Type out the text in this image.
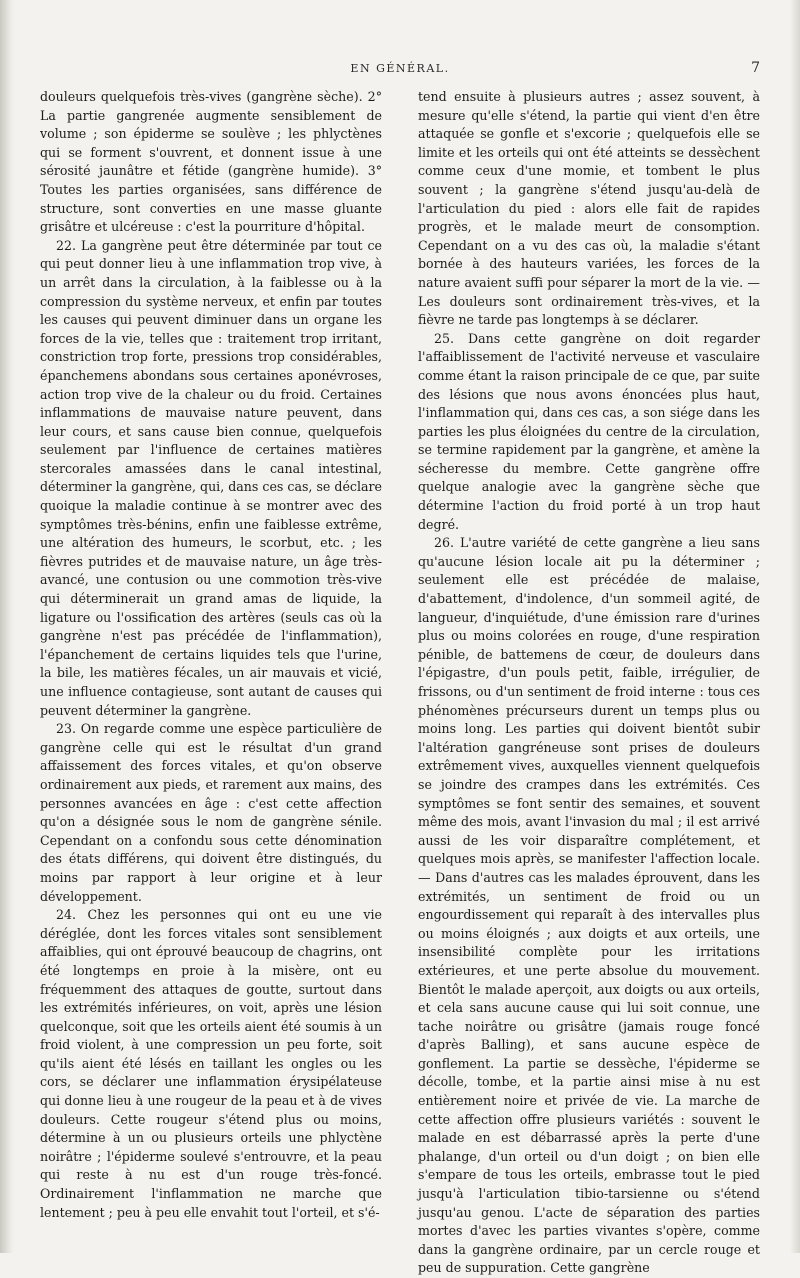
EN GÉNÉRAL.	7

douleurs quelquefois très-vives (gangrène sèche). 2° La partie gangrenée augmente sensiblement de volume ; son épiderme se soulève ; les phlyctènes qui se forment s'ouvrent, et donnent issue à une sérosité jaunâtre et fétide (gangrène humide). 3° Toutes les parties organisées, sans différence de structure, sont converties en une masse gluante grisâtre et ulcéreuse : c'est la pourriture d'hôpital.

22. La gangrène peut être déterminée par tout ce qui peut donner lieu à une inflammation trop vive, à un arrêt dans la circulation, à la faiblesse ou à la compression du système nerveux, et enfin par toutes les causes qui peuvent diminuer dans un organe les forces de la vie, telles que : traitement trop irritant, constriction trop forte, pressions trop considérables, épanchemens abondans sous certaines aponévroses, action trop vive de la chaleur ou du froid. Certaines inflammations de mauvaise nature peuvent, dans leur cours, et sans cause bien connue, quelquefois seulement par l'influence de certaines matières stercorales amassées dans le canal intestinal, déterminer la gangrène, qui, dans ces cas, se déclare quoique la maladie continue à se montrer avec des symptômes très-bénins, enfin une faiblesse extrême, une altération des humeurs, le scorbut, etc. ; les fièvres putrides et de mauvaise nature, un âge très-avancé, une contusion ou une commotion très-vive qui déterminerait un grand amas de liquide, la ligature ou l'ossification des artères (seuls cas où la gangrène n'est pas précédée de l'inflammation), l'épanchement de certains liquides tels que l'urine, la bile, les matières fécales, un air mauvais et vicié, une influence contagieuse, sont autant de causes qui peuvent déterminer la gangrène.

23. On regarde comme une espèce particulière de gangrène celle qui est le résultat d'un grand affaissement des forces vitales, et qu'on observe ordinairement aux pieds, et rarement aux mains, des personnes avancées en âge : c'est cette affection qu'on a désignée sous le nom de gangrène sénile. Cependant on a confondu sous cette dénomination des états différens, qui doivent être distingués, du moins par rapport à leur origine et à leur développement.

24. Chez les personnes qui ont eu une vie déréglée, dont les forces vitales sont sensiblement affaiblies, qui ont éprouvé beaucoup de chagrins, ont été longtemps en proie à la misère, ont eu fréquemment des attaques de goutte, surtout dans les extrémités inférieures, on voit, après une lésion quelconque, soit que les orteils aient été soumis à un froid violent, à une compression un peu forte, soit qu'ils aient été lésés en taillant les ongles ou les cors, se déclarer une inflammation érysipélateuse qui donne lieu à une rougeur de la peau et à de vives douleurs. Cette rougeur s'étend plus ou moins, détermine à un ou plusieurs orteils une phlyctène noirâtre ; l'épiderme soulevé s'entrouvre, et la peau qui reste à nu est d'un rouge très-foncé. Ordinairement l'inflammation ne marche que lentement ; peu à peu elle envahit tout l'orteil, et s'é-

tend ensuite à plusieurs autres ; assez souvent, à mesure qu'elle s'étend, la partie qui vient d'en être attaquée se gonfle et s'excorie ; quelquefois elle se limite et les orteils qui ont été atteints se dessèchent comme ceux d'une momie, et tombent le plus souvent ; la gangrène s'étend jusqu'au-delà de l'articulation du pied : alors elle fait de rapides progrès, et le malade meurt de consomption. Cependant on a vu des cas où, la maladie s'étant bornée à des hauteurs variées, les forces de la nature avaient suffi pour séparer la mort de la vie. — Les douleurs sont ordinairement très-vives, et la fièvre ne tarde pas longtemps à se déclarer.

25. Dans cette gangrène on doit regarder l'affaiblissement de l'activité nerveuse et vasculaire comme étant la raison principale de ce que, par suite des lésions que nous avons énoncées plus haut, l'inflammation qui, dans ces cas, a son siége dans les parties les plus éloignées du centre de la circulation, se termine rapidement par la gangrène, et amène la sécheresse du membre. Cette gangrène offre quelque analogie avec la gangrène sèche que détermine l'action du froid porté à un trop haut degré.

26. L'autre variété de cette gangrène a lieu sans qu'aucune lésion locale ait pu la déterminer ; seulement elle est précédée de malaise, d'abattement, d'indolence, d'un sommeil agité, de langueur, d'inquiétude, d'une émission rare d'urines plus ou moins colorées en rouge, d'une respiration pénible, de battemens de cœur, de douleurs dans l'épigastre, d'un pouls petit, faible, irrégulier, de frissons, ou d'un sentiment de froid interne : tous ces phénomènes précurseurs durent un temps plus ou moins long. Les parties qui doivent bientôt subir l'altération gangréneuse sont prises de douleurs extrêmement vives, auxquelles viennent quelquefois se joindre des crampes dans les extrémités. Ces symptômes se font sentir des semaines, et souvent même des mois, avant l'invasion du mal ; il est arrivé aussi de les voir disparaître complétement, et quelques mois après, se manifester l'affection locale. — Dans d'autres cas les malades éprouvent, dans les extrémités, un sentiment de froid ou un engourdissement qui reparaît à des intervalles plus ou moins éloignés ; aux doigts et aux orteils, une insensibilité complète pour les irritations extérieures, et une perte absolue du mouvement. Bientôt le malade aperçoit, aux doigts ou aux orteils, et cela sans aucune cause qui lui soit connue, une tache noirâtre ou grisâtre (jamais rouge foncé d'après Balling), et sans aucune espèce de gonflement. La partie se dessèche, l'épiderme se décolle, tombe, et la partie ainsi mise à nu est entièrement noire et privée de vie. La marche de cette affection offre plusieurs variétés : souvent le malade en est débarrassé après la perte d'une phalange, d'un orteil ou d'un doigt ; on bien elle s'empare de tous les orteils, embrasse tout le pied jusqu'à l'articulation tibio-tarsienne ou s'étend jusqu'au genou. L'acte de séparation des parties mortes d'avec les parties vivantes s'opère, comme dans la gangrène ordinaire, par un cercle rouge et peu de suppuration. Cette gangrène
